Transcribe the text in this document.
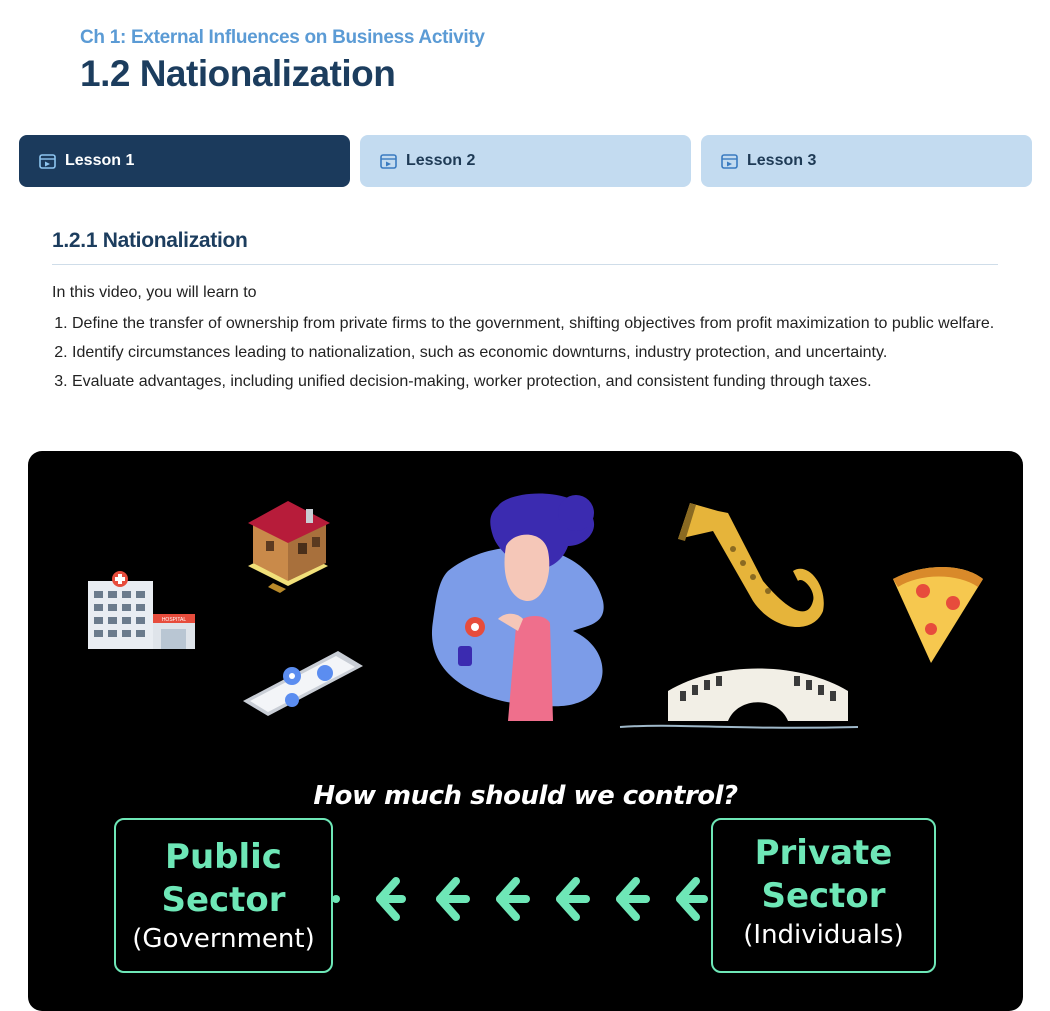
Ch 1: External Influences on Business Activity
1.2 Nationalization
Lesson 1	Lesson 2	Lesson 3
1.2.1 Nationalization
In this video, you will learn to
1. Define the transfer of ownership from private firms to the government, shifting objectives from profit maximization to public welfare.
2. Identify circumstances leading to nationalization, such as economic downturns, industry protection, and uncertainty.
3. Evaluate advantages, including unified decision-making, worker protection, and consistent funding through taxes.
HOSPITAL
How much should we control?
Public
Sector
(Government)
Private
Sector
(Individuals)
